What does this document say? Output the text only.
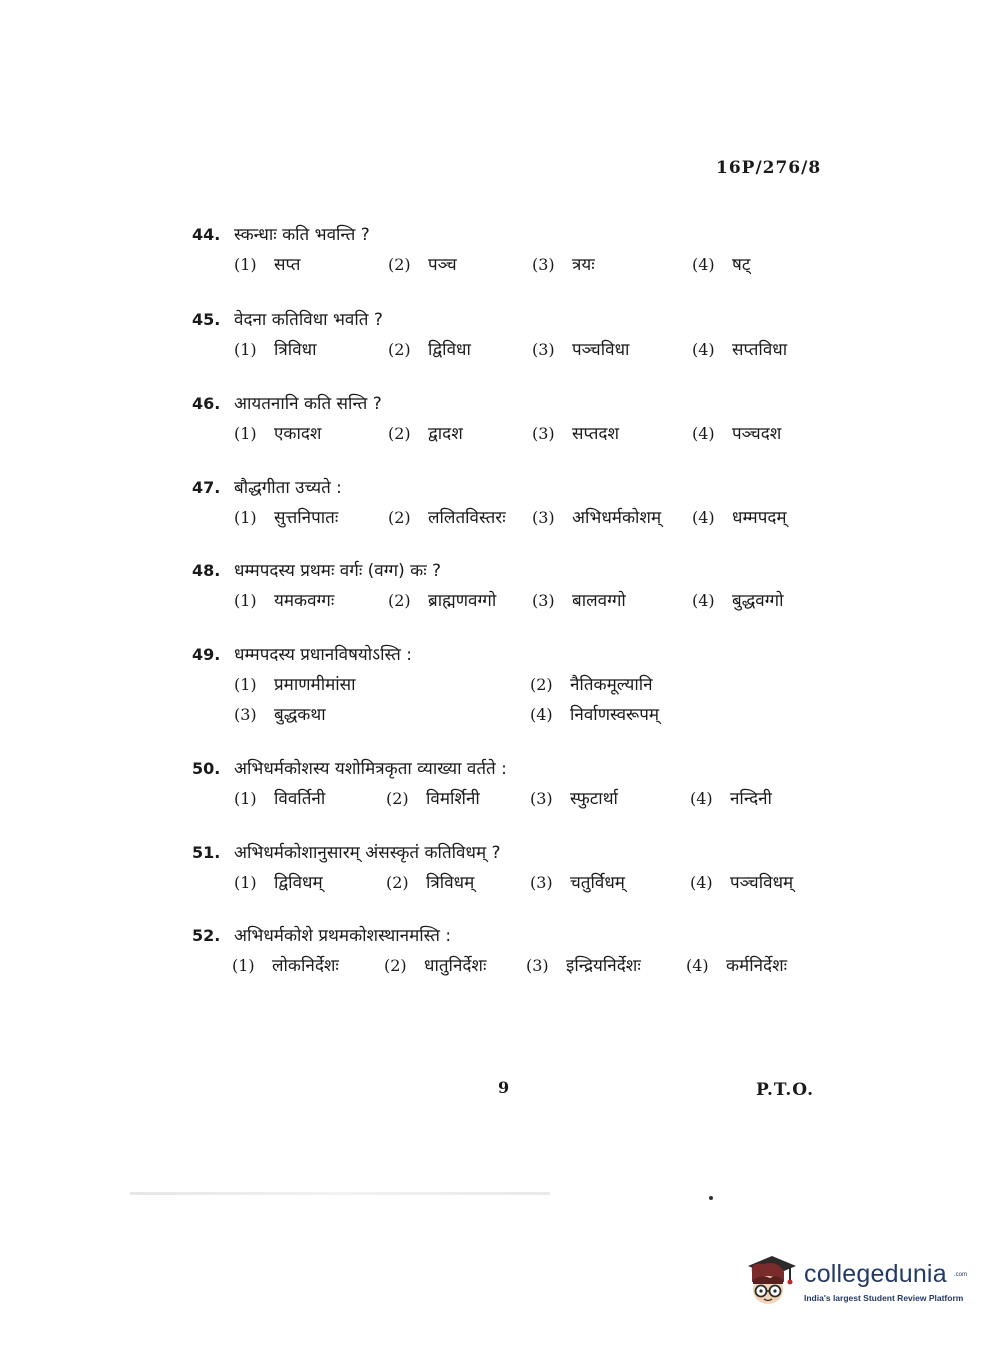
16P/276/8
44. स्कन्धाः कति भवन्ति ?
(1) सप्त	(2) पञ्च	(3) त्रयः	(4) षट्
45. वेदना कतिविधा भवति ?
(1) त्रिविधा	(2) द्विविधा	(3) पञ्चविधा	(4) सप्तविधा
46. आयतनानि कति सन्ति ?
(1) एकादश	(2) द्वादश	(3) सप्तदश	(4) पञ्चदश
47. बौद्धगीता उच्यते :
(1) सुत्तनिपातः	(2) ललितविस्तरः (3) अभिधर्मकोशम् (4) धम्मपदम्
48. धम्मपदस्य प्रथमः वर्गः (वग्ग) कः ?
(1) यमकवग्गः	(2) ब्राह्मणवग्गो (3) बालवग्गो	(4) बुद्धवग्गो
49. धम्मपदस्य प्रधानविषयोऽस्ति :
(1) प्रमाणमीमांसा	(2) नैतिकमूल्यानि
(3) बुद्धकथा	(4) निर्वाणस्वरूपम्
50. अभिधर्मकोशस्य यशोमित्रकृता व्याख्या वर्तते :
(1) विवर्तिनी	(2) विमर्शिनी	(3) स्फुटार्था	(4) नन्दिनी
51. अभिधर्मकोशानुसारम् अंसस्कृतं कतिविधम् ?
(1) द्विविधम्	(2) त्रिविधम्	(3) चतुर्विधम्	(4) पञ्चविधम्
52. अभिधर्मकोशे प्रथमकोशस्थानमस्ति :
(1) लोकनिर्देशः	(2) धातुनिर्देशः (3) इन्द्रियनिर्देशः	(4) कर्मनिर्देशः
9	P.T.O.
collegedunia .com
India's largest Student Review Platform
